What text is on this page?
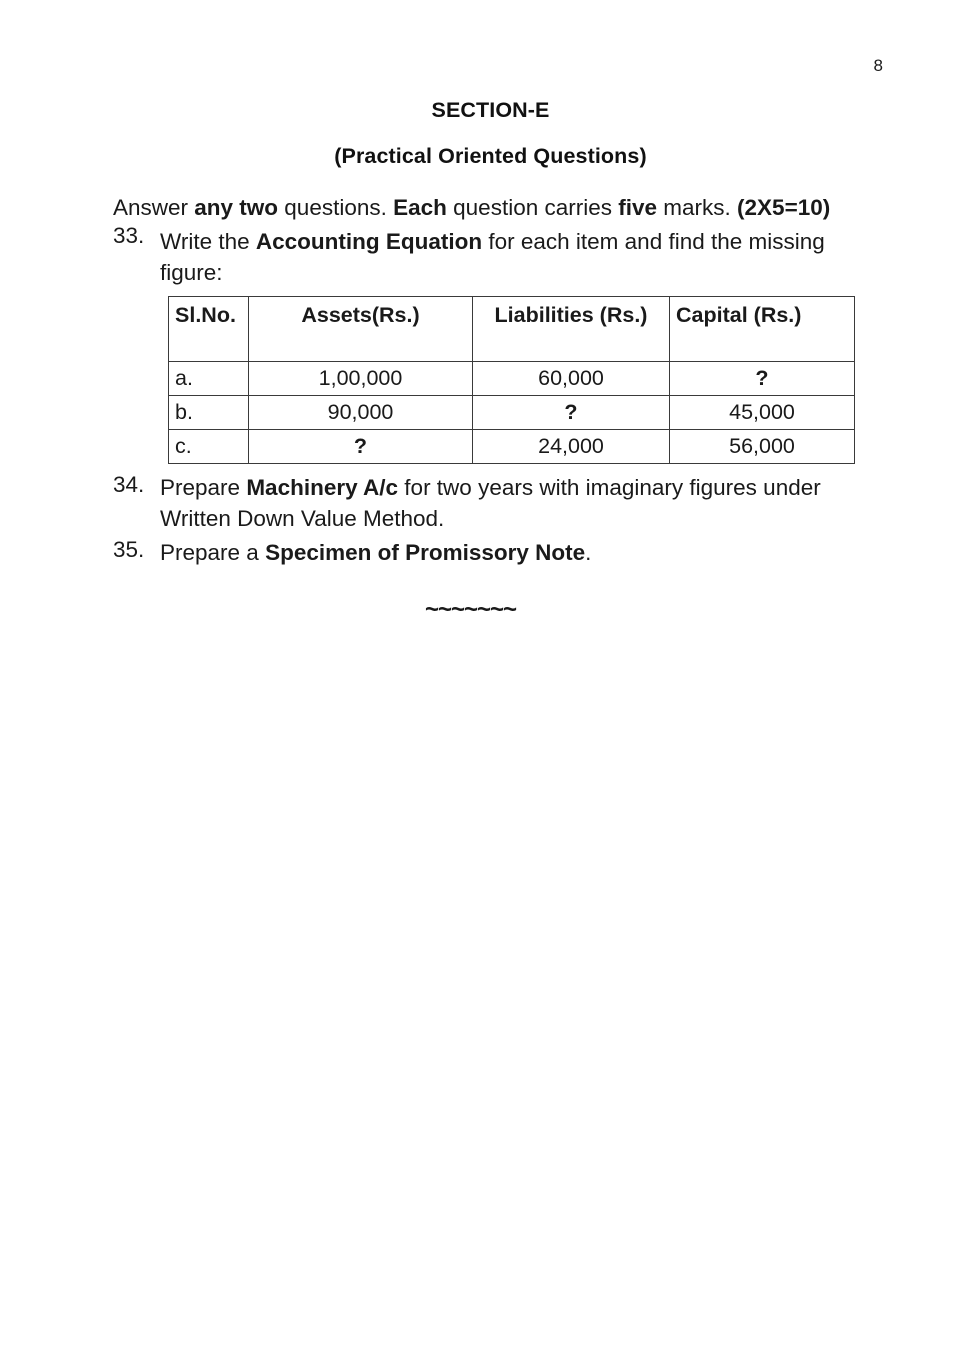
8
SECTION-E
(Practical Oriented Questions)

Answer any two questions. Each question carries five marks. (2X5=10)

33. Write the Accounting Equation for each item and find the missing figure:
Sl.No.	Assets(Rs.)	Liabilities (Rs.)	Capital (Rs.)
a.	1,00,000	60,000	?
b.	90,000	?	45,000
c.	?	24,000	56,000
34. Prepare Machinery A/c for two years with imaginary figures under Written Down Value Method.
35. Prepare a Specimen of Promissory Note.
~~~~~~~
